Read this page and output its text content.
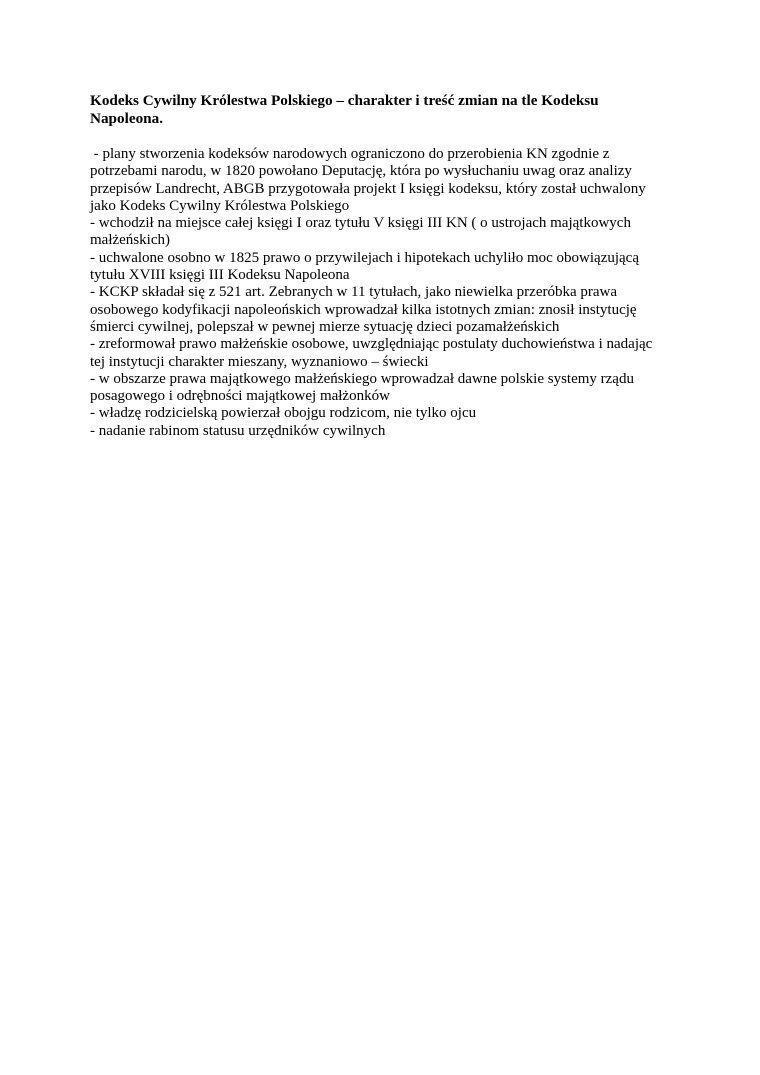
Kodeks Cywilny Królestwa Polskiego – charakter i treść zmian na tle Kodeksu
Napoleona.

- plany stworzenia kodeksów narodowych ograniczono do przerobienia KN zgodnie z
potrzebami narodu, w 1820 powołano Deputację, która po wysłuchaniu uwag oraz analizy
przepisów Landrecht, ABGB przygotowała projekt I księgi kodeksu, który został uchwalony
jako Kodeks Cywilny Królestwa Polskiego
- wchodził na miejsce całej księgi I oraz tytułu V księgi III KN ( o ustrojach majątkowych
małżeńskich)
- uchwalone osobno w 1825 prawo o przywilejach i hipotekach uchyliło moc obowiązującą
tytułu XVIII księgi III Kodeksu Napoleona
- KCKP składał się z 521 art. Zebranych w 11 tytułach, jako niewielka przeróbka prawa
osobowego kodyfikacji napoleońskich wprowadzał kilka istotnych zmian: znosił instytucję
śmierci cywilnej, polepszał w pewnej mierze sytuację dzieci pozamałżeńskich
- zreformował prawo małżeńskie osobowe, uwzględniając postulaty duchowieństwa i nadając
tej instytucji charakter mieszany, wyznaniowo – świecki
- w obszarze prawa majątkowego małżeńskiego wprowadzał dawne polskie systemy rządu
posagowego i odrębności majątkowej małżonków
- władzę rodzicielską powierzał obojgu rodzicom, nie tylko ojcu
- nadanie rabinom statusu urzędników cywilnych
